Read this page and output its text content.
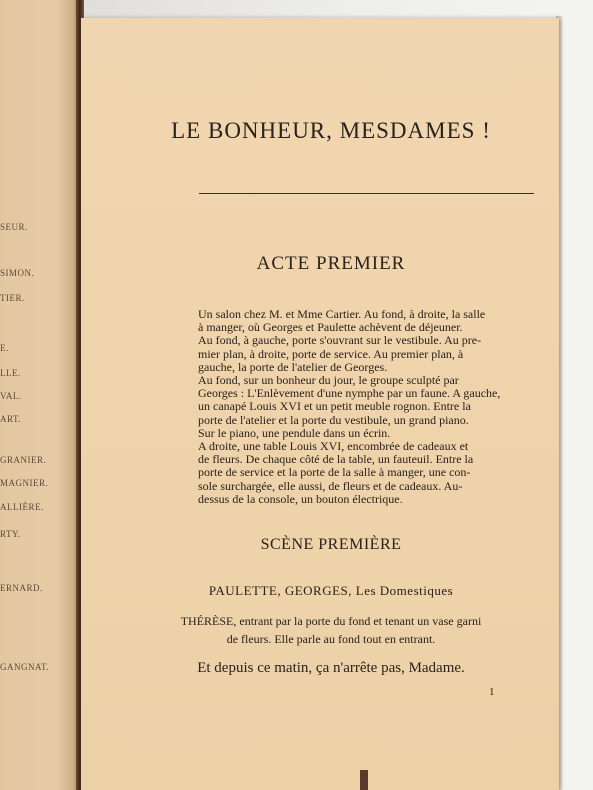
SEUR.
SIMON.
TIER.
E.
LLE.
VAL.
ART.
GRANIER.
MAGNIER.
ALLIÈRE.
RTY.
ERNARD.
GANGNAT.
LE BONHEUR, MESDAMES !
ACTE PREMIER
Un salon chez M. et Mme Cartier. Au fond, à droite, la salle
à manger, où Georges et Paulette achèvent de déjeuner.
Au fond, à gauche, porte s'ouvrant sur le vestibule. Au pre-
mier plan, à droite, porte de service. Au premier plan, à
gauche, la porte de l'atelier de Georges.
Au fond, sur un bonheur du jour, le groupe sculpté par
Georges : L'Enlèvement d'une nymphe par un faune. A gauche,
un canapé Louis XVI et un petit meuble rognon. Entre la
porte de l'atelier et la porte du vestibule, un grand piano.
Sur le piano, une pendule dans un écrin.
A droite, une table Louis XVI, encombrée de cadeaux et
de fleurs. De chaque côté de la table, un fauteuil. Entre la
porte de service et la porte de la salle à manger, une con-
sole surchargée, elle aussi, de fleurs et de cadeaux. Au-
dessus de la console, un bouton électrique.
SCÈNE PREMIÈRE
PAULETTE, GEORGES, Les Domestiques
THÉRÈSE, entrant par la porte du fond et tenant un vase garni
de fleurs. Elle parle au fond tout en entrant.
Et depuis ce matin, ça n'arrête pas, Madame.
1
